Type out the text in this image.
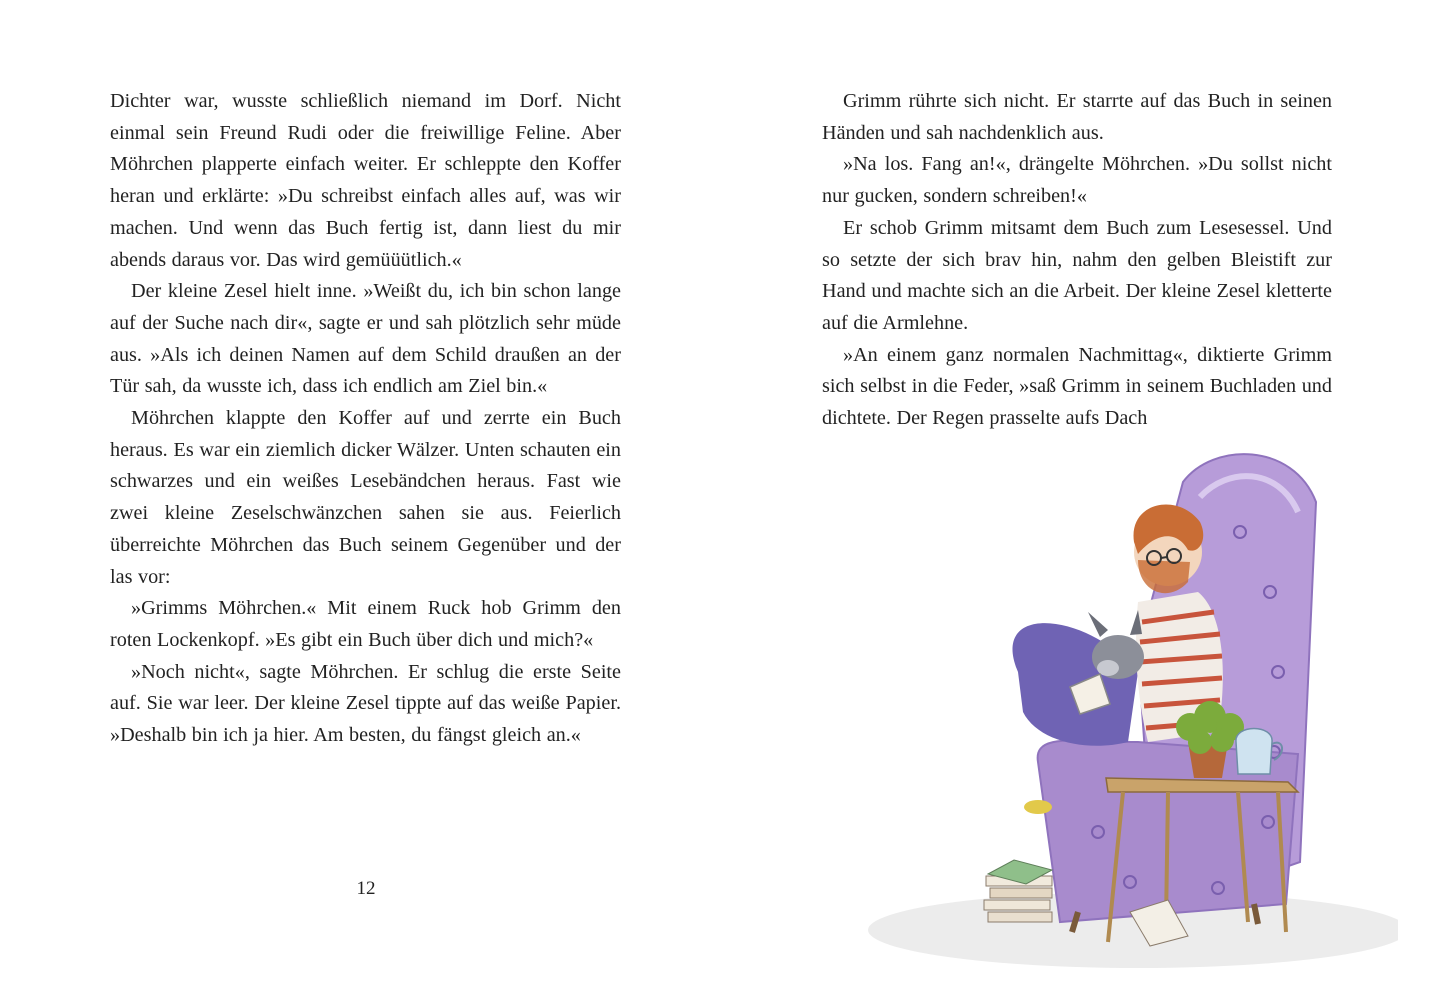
Dichter war, wusste schließlich niemand im Dorf. Nicht einmal sein Freund Rudi oder die freiwillige Feline. Aber Möhrchen plapperte einfach weiter. Er schleppte den Koffer heran und erklärte: »Du schreibst einfach alles auf, was wir machen. Und wenn das Buch fertig ist, dann liest du mir abends daraus vor. Das wird gemüüütlich.«

Der kleine Zesel hielt inne. »Weißt du, ich bin schon lange auf der Suche nach dir«, sagte er und sah plötzlich sehr müde aus. »Als ich deinen Namen auf dem Schild draußen an der Tür sah, da wusste ich, dass ich endlich am Ziel bin.«

Möhrchen klappte den Koffer auf und zerrte ein Buch heraus. Es war ein ziemlich dicker Wälzer. Unten schauten ein schwarzes und ein weißes Lesebändchen heraus. Fast wie zwei kleine Zeselschwänzchen sahen sie aus. Feierlich überreichte Möhrchen das Buch seinem Gegenüber und der las vor:

»Grimms Möhrchen.« Mit einem Ruck hob Grimm den roten Lockenkopf. »Es gibt ein Buch über dich und mich?«

»Noch nicht«, sagte Möhrchen. Er schlug die erste Seite auf. Sie war leer. Der kleine Zesel tippte auf das weiße Papier. »Deshalb bin ich ja hier. Am besten, du fängst gleich an.«

12

Grimm rührte sich nicht. Er starrte auf das Buch in seinen Händen und sah nachdenklich aus.

»Na los. Fang an!«, drängelte Möhrchen. »Du sollst nicht nur gucken, sondern schreiben!«

Er schob Grimm mitsamt dem Buch zum Lesesessel. Und so setzte der sich brav hin, nahm den gelben Bleistift zur Hand und machte sich an die Arbeit. Der kleine Zesel kletterte auf die Armlehne.

»An einem ganz normalen Nachmittag«, diktierte Grimm sich selbst in die Feder, »saß Grimm in seinem Buchladen und dichtete. Der Regen prasselte aufs Dach
